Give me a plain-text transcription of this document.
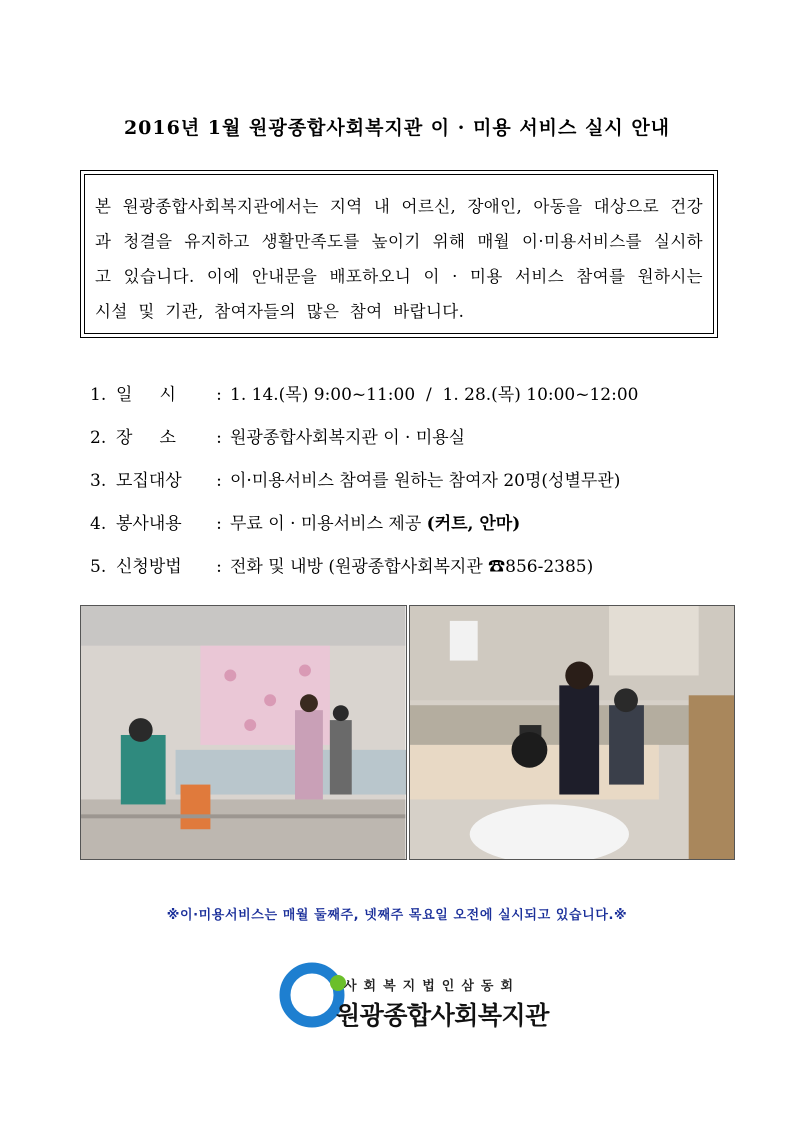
2016년 1월 원광종합사회복지관 이 · 미용 서비스 실시 안내
본 원광종합사회복지관에서는 지역 내 어르신, 장애인, 아동을 대상으로 건강과 청결을 유지하고 생활만족도를 높이기 위해 매월 이·미용서비스를 실시하고 있습니다. 이에 안내문을 배포하오니 이 · 미용 서비스 참여를 원하시는 시설 및 기관, 참여자들의 많은 참여 바랍니다.
1. 일     시 : 1. 14.(목) 9:00~11:00  /  1. 28.(목) 10:00~12:00
2. 장     소 : 원광종합사회복지관 이 · 미용실
3. 모집대상 : 이·미용서비스 참여를 원하는 참여자 20명(성별무관)
4. 봉사내용 : 무료 이 · 미용서비스 제공 (커트, 안마)
5. 신청방법 : 전화 및 내방 (원광종합사회복지관 ☎856-2385)
※이·미용서비스는 매월 둘째주, 넷째주 목요일 오전에 실시되고 있습니다.※
사회복지법인삼동회
원광종합사회복지관
